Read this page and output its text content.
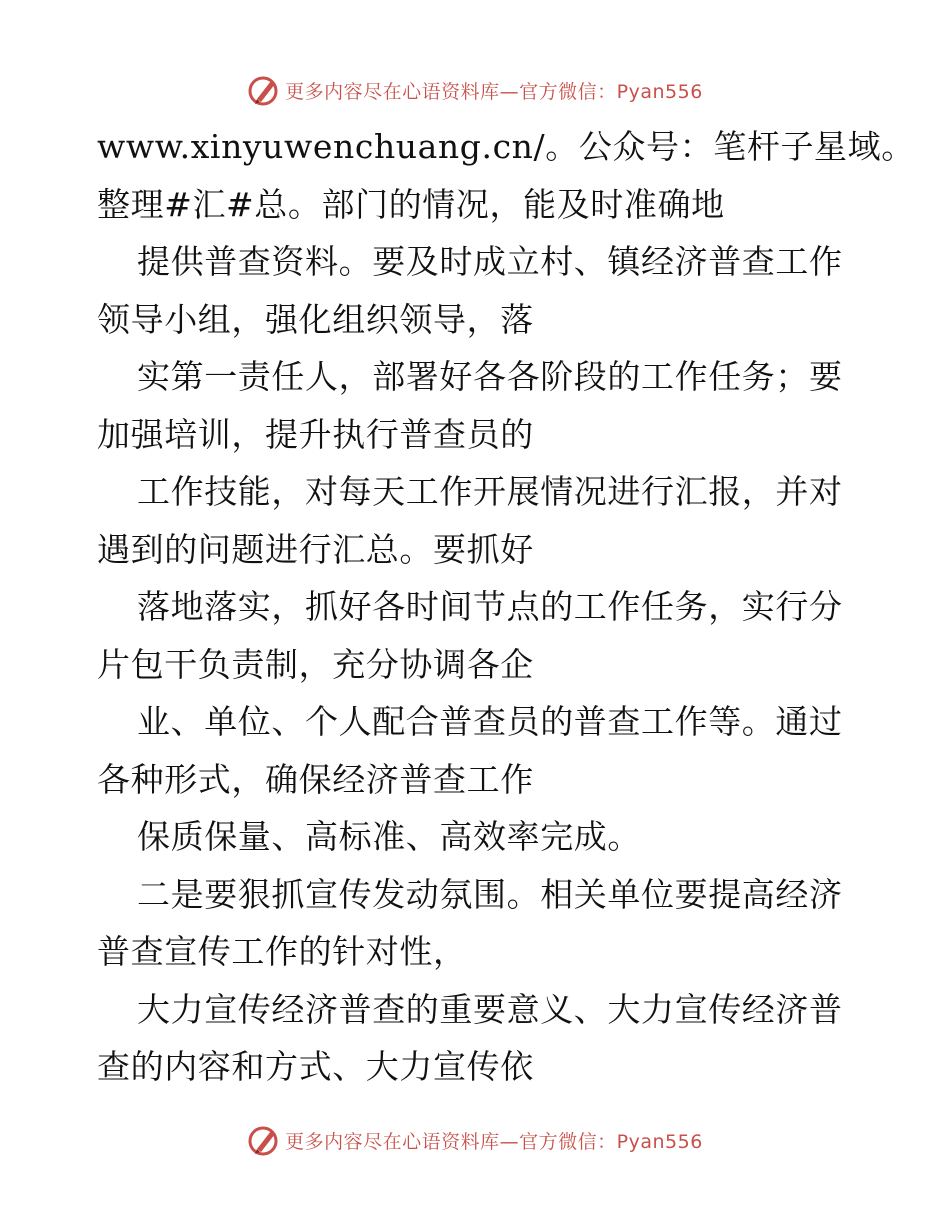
更多内容尽在心语资料库—官方微信：Pyan556
www.xinyuwenchuang.cn/。公众号：笔杆子星域。
整理#汇#总。部门的情况，能及时准确地
提供普查资料。要及时成立村、镇经济普查工作
领导小组，强化组织领导，落
实第一责任人，部署好各各阶段的工作任务；要
加强培训，提升执行普查员的
工作技能，对每天工作开展情况进行汇报，并对
遇到的问题进行汇总。要抓好
落地落实，抓好各时间节点的工作任务，实行分
片包干负责制，充分协调各企
业、单位、个人配合普查员的普查工作等。通过
各种形式，确保经济普查工作
保质保量、高标准、高效率完成。
二是要狠抓宣传发动氛围。相关单位要提高经济
普查宣传工作的针对性，
大力宣传经济普查的重要意义、大力宣传经济普
查的内容和方式、大力宣传依
更多内容尽在心语资料库—官方微信：Pyan556
